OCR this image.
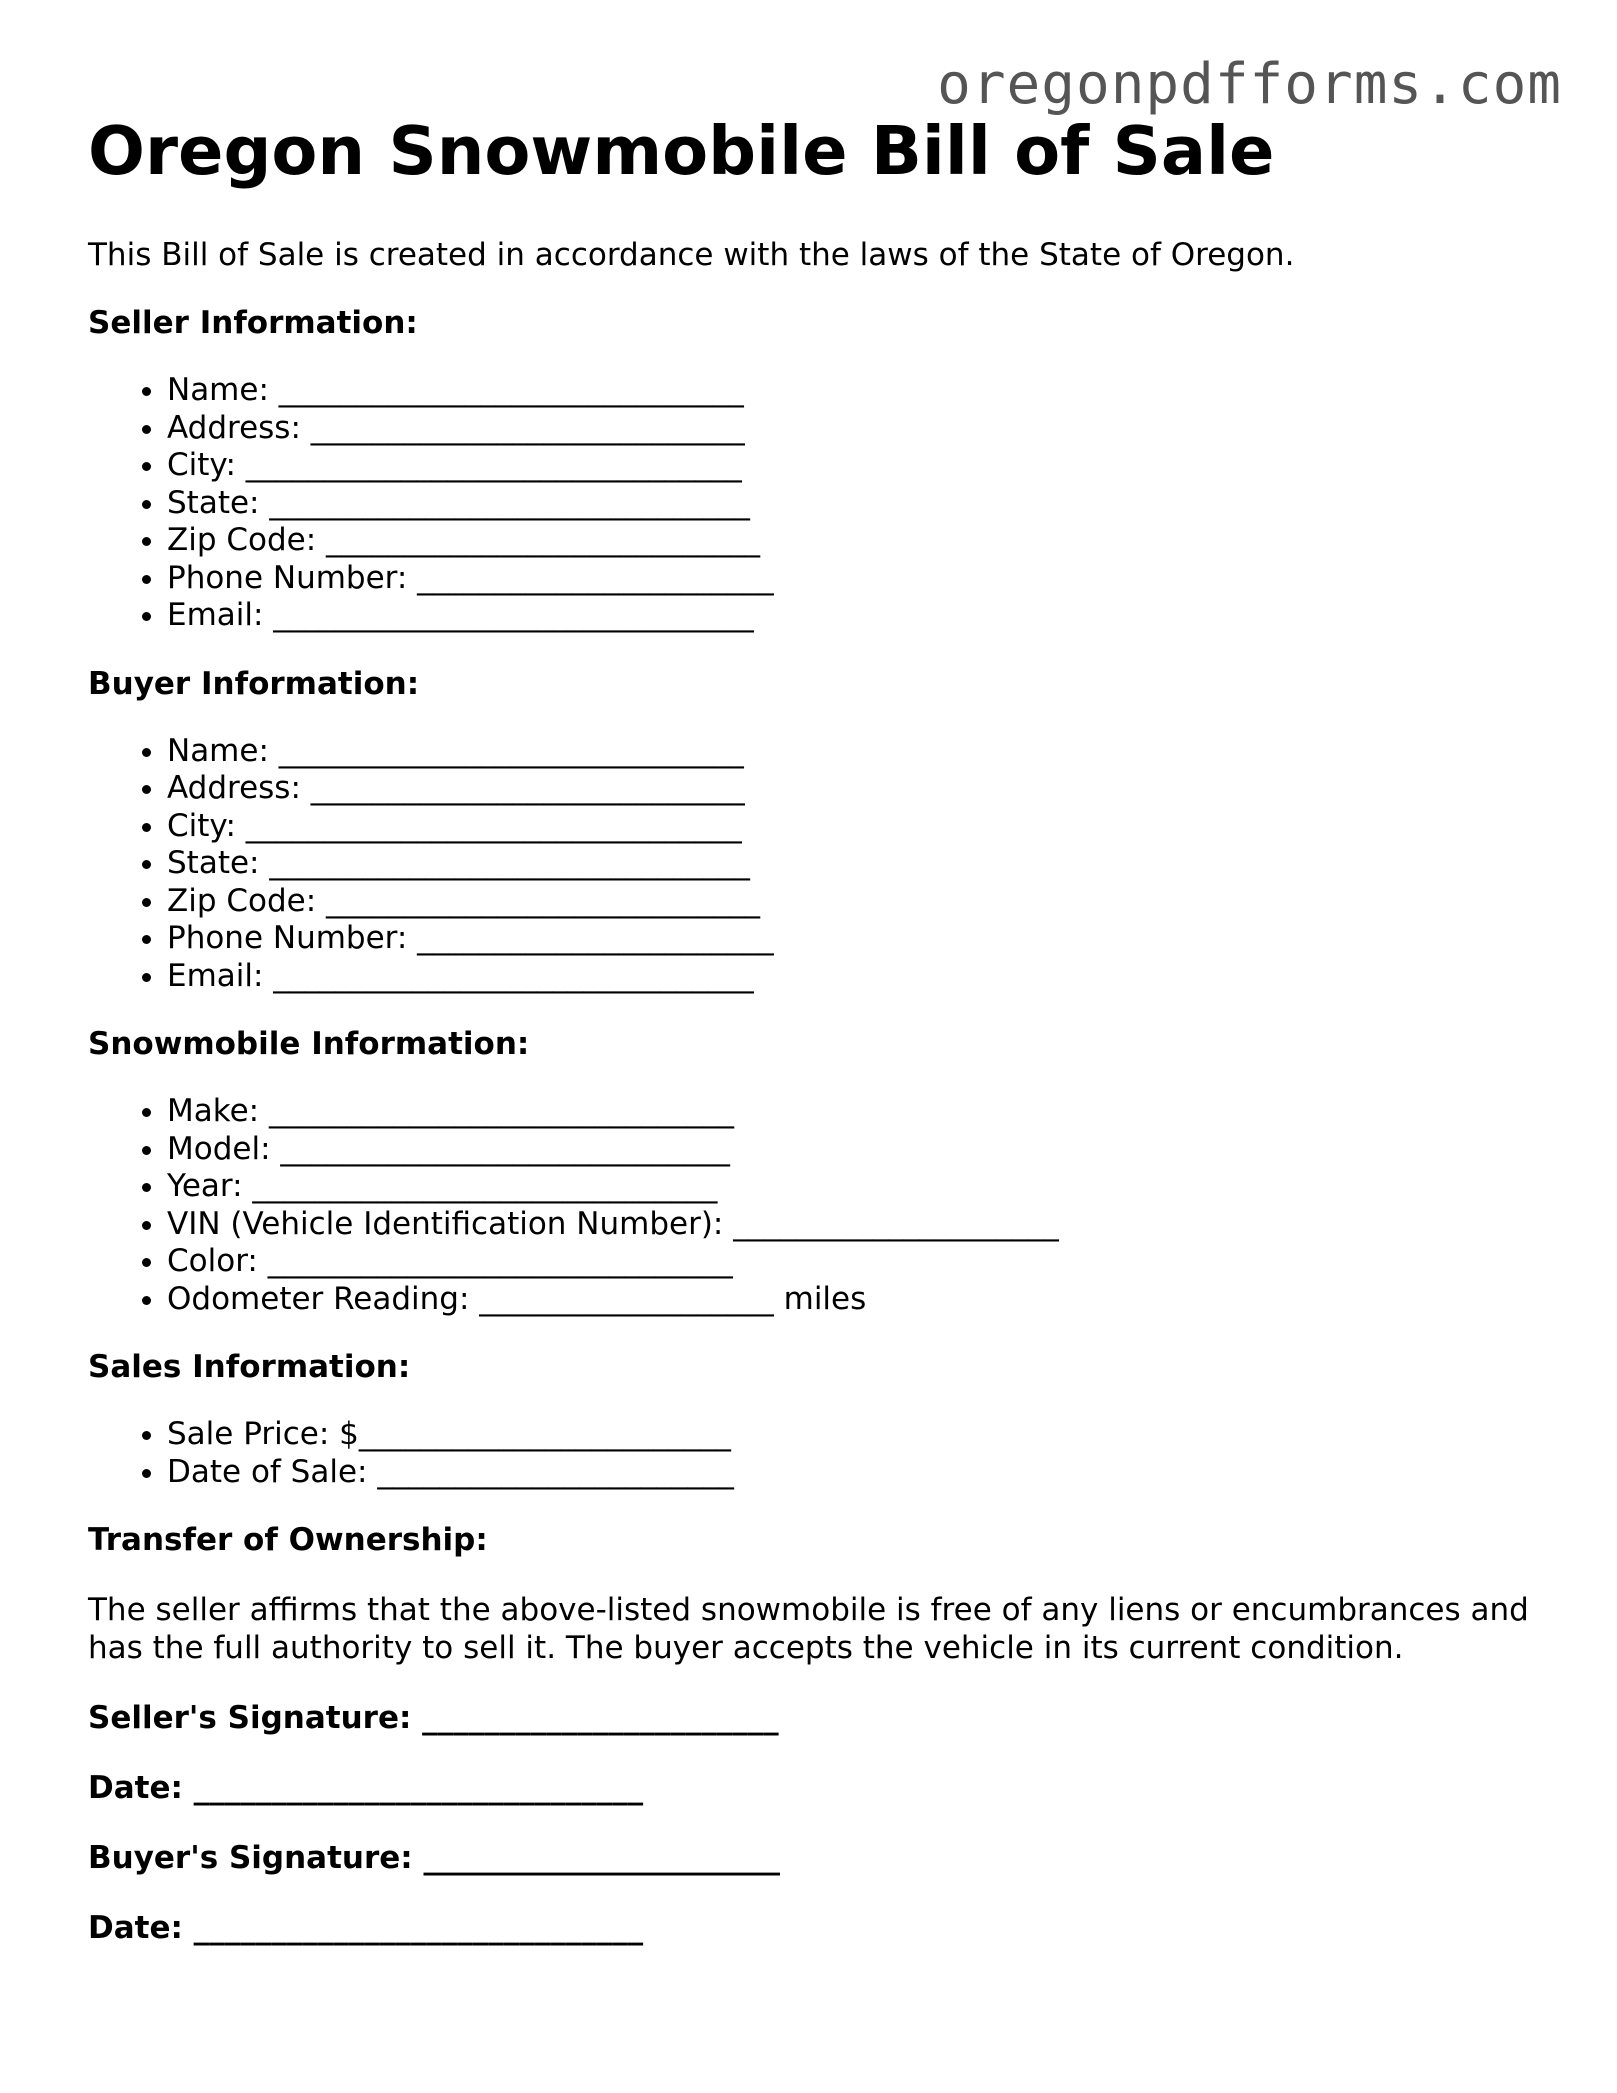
oregonpdfforms.com
Oregon Snowmobile Bill of Sale

This Bill of Sale is created in accordance with the laws of the State of Oregon.

Seller Information:
• Name: ______________________________
• Address: ____________________________
• City: ________________________________
• State: _______________________________
• Zip Code: ____________________________
• Phone Number: _______________________
• Email: _______________________________
Buyer Information:
• Name: ______________________________
• Address: ____________________________
• City: ________________________________
• State: _______________________________
• Zip Code: ____________________________
• Phone Number: _______________________
• Email: _______________________________
Snowmobile Information:
• Make: ______________________________
• Model: _____________________________
• Year: ______________________________
• VIN (Vehicle Identification Number): _____________________
• Color: ______________________________
• Odometer Reading: ___________________ miles
Sales Information:
• Sale Price: $________________________
• Date of Sale: _______________________
Transfer of Ownership:

The seller affirms that the above-listed snowmobile is free of any liens or encumbrances and has the full authority to sell it. The buyer accepts the vehicle in its current condition.

Seller's Signature: _______________________
Date: _____________________________
Buyer's Signature: _______________________
Date: _____________________________
